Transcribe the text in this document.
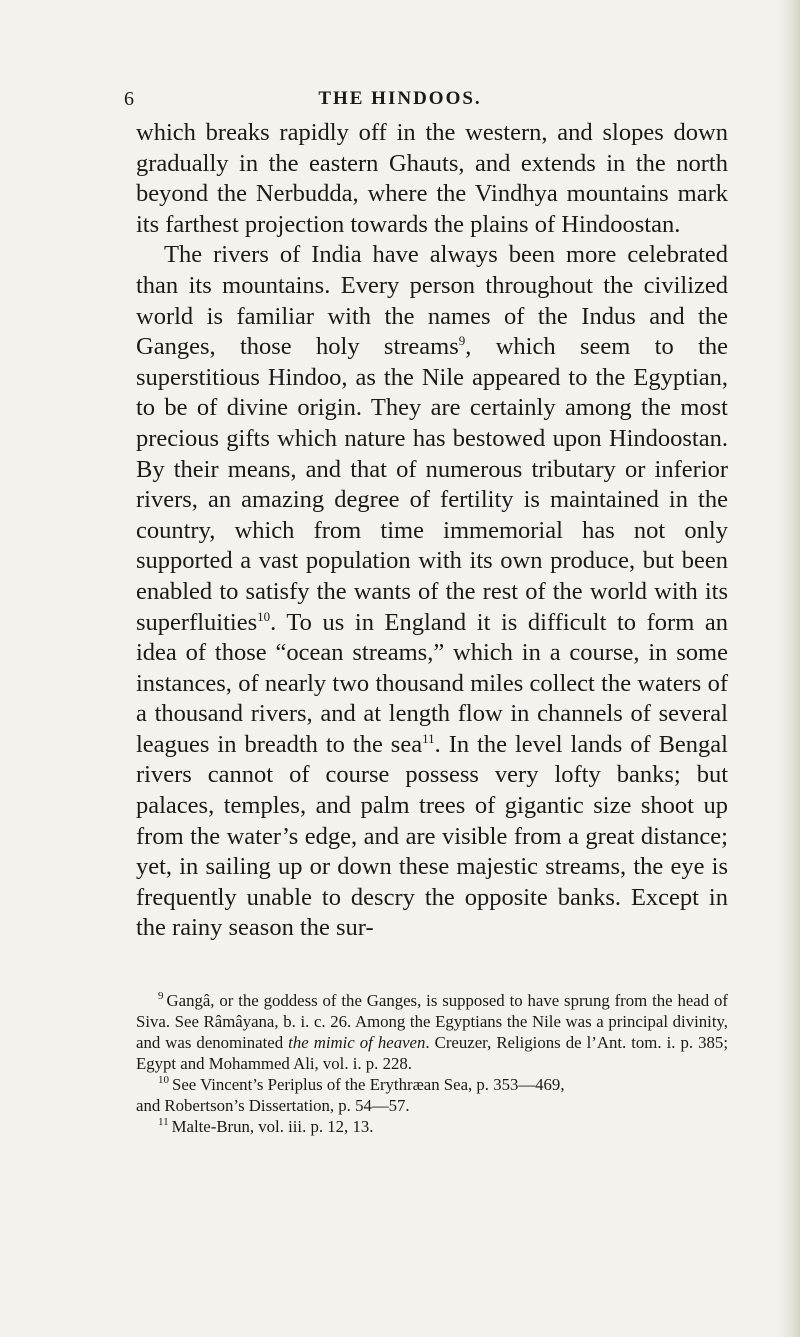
6	THE HINDOOS.

which breaks rapidly off in the western, and slopes down gradually in the eastern Ghauts, and extends in the north beyond the Nerbudda, where the Vindhya mountains mark its farthest projection towards the plains of Hindoostan.

The rivers of India have always been more celebrated than its mountains. Every person throughout the civilized world is familiar with the names of the Indus and the Ganges, those holy streams$^9$, which seem to the superstitious Hindoo, as the Nile appeared to the Egyptian, to be of divine origin. They are certainly among the most precious gifts which nature has bestowed upon Hindoostan. By their means, and that of numerous tributary or inferior rivers, an amazing degree of fertility is maintained in the country, which from time immemorial has not only supported a vast population with its own produce, but been enabled to satisfy the wants of the rest of the world with its superfluities$^{10}$. To us in England it is difficult to form an idea of those “ocean streams,” which in a course, in some instances, of nearly two thousand miles collect the waters of a thousand rivers, and at length flow in channels of several leagues in breadth to the sea$^{11}$. In the level lands of Bengal rivers cannot of course possess very lofty banks; but palaces, temples, and palm trees of gigantic size shoot up from the water’s edge, and are visible from a great distance; yet, in sailing up or down these majestic streams, the eye is frequently unable to descry the opposite banks. Except in the rainy season the sur-

$^9$ Gangâ, or the goddess of the Ganges, is supposed to have sprung from the head of Siva. See Râmâyana, b. i. c. 26. Among the Egyptians the Nile was a principal divinity, and was denominated the mimic of heaven. Creuzer, Religions de l’Ant. tom. i. p. 385; Egypt and Mohammed Ali, vol. i. p. 228.

$^{10}$ See Vincent’s Periplus of the Erythræan Sea, p. 353—469,

and Robertson’s Dissertation, p. 54—57.

$^{11}$ Malte-Brun, vol. iii. p. 12, 13.
